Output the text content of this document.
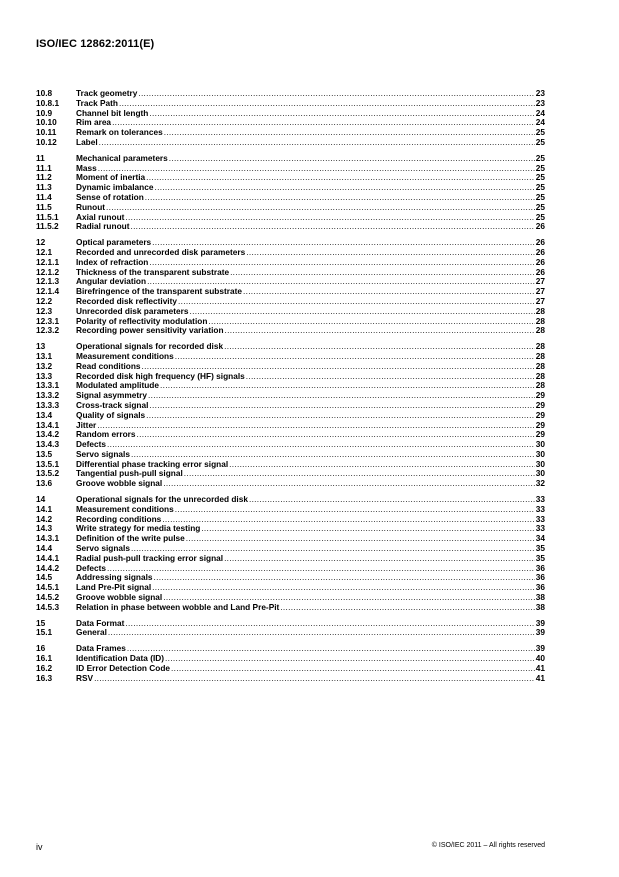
ISO/IEC 12862:2011(E)
10.8	Track geometry .....	23
10.8.1	Track Path .....	23
10.9	Channel bit length .....	24
10.10	Rim area .....	24
10.11	Remark on tolerances .....	25
10.12	Label .....	25
11	Mechanical parameters .....	25
11.1	Mass .....	25
11.2	Moment of inertia .....	25
11.3	Dynamic imbalance .....	25
11.4	Sense of rotation .....	25
11.5	Runout .....	25
11.5.1	Axial runout .....	25
11.5.2	Radial runout .....	26
12	Optical parameters .....	26
12.1	Recorded and unrecorded disk parameters .....	26
12.1.1	Index of refraction .....	26
12.1.2	Thickness of the transparent substrate .....	26
12.1.3	Angular deviation .....	27
12.1.4	Birefringence of the transparent substrate .....	27
12.2	Recorded disk reflectivity .....	27
12.3	Unrecorded disk parameters .....	28
12.3.1	Polarity of reflectivity modulation .....	28
12.3.2	Recording power sensitivity variation .....	28
13	Operational signals for recorded disk .....	28
13.1	Measurement conditions .....	28
13.2	Read conditions .....	28
13.3	Recorded disk high frequency (HF) signals .....	28
13.3.1	Modulated amplitude .....	28
13.3.2	Signal asymmetry .....	29
13.3.3	Cross-track signal .....	29
13.4	Quality of signals .....	29
13.4.1	Jitter .....	29
13.4.2	Random errors .....	29
13.4.3	Defects .....	30
13.5	Servo signals .....	30
13.5.1	Differential phase tracking error signal .....	30
13.5.2	Tangential push-pull signal .....	30
13.6	Groove wobble signal .....	32
14	Operational signals for the unrecorded disk .....	33
14.1	Measurement conditions .....	33
14.2	Recording conditions .....	33
14.3	Write strategy for media testing .....	33
14.3.1	Definition of the write pulse .....	34
14.4	Servo signals .....	35
14.4.1	Radial push-pull tracking error signal .....	35
14.4.2	Defects .....	36
14.5	Addressing signals .....	36
14.5.1	Land Pre-Pit signal .....	36
14.5.2	Groove wobble signal .....	38
14.5.3	Relation in phase between wobble and Land Pre-Pit .....	38
15	Data Format .....	39
15.1	General .....	39
16	Data Frames .....	39
16.1	Identification Data (ID) .....	40
16.2	ID Error Detection Code .....	41
16.3	RSV .....	41
iv	© ISO/IEC 2011 – All rights reserved
